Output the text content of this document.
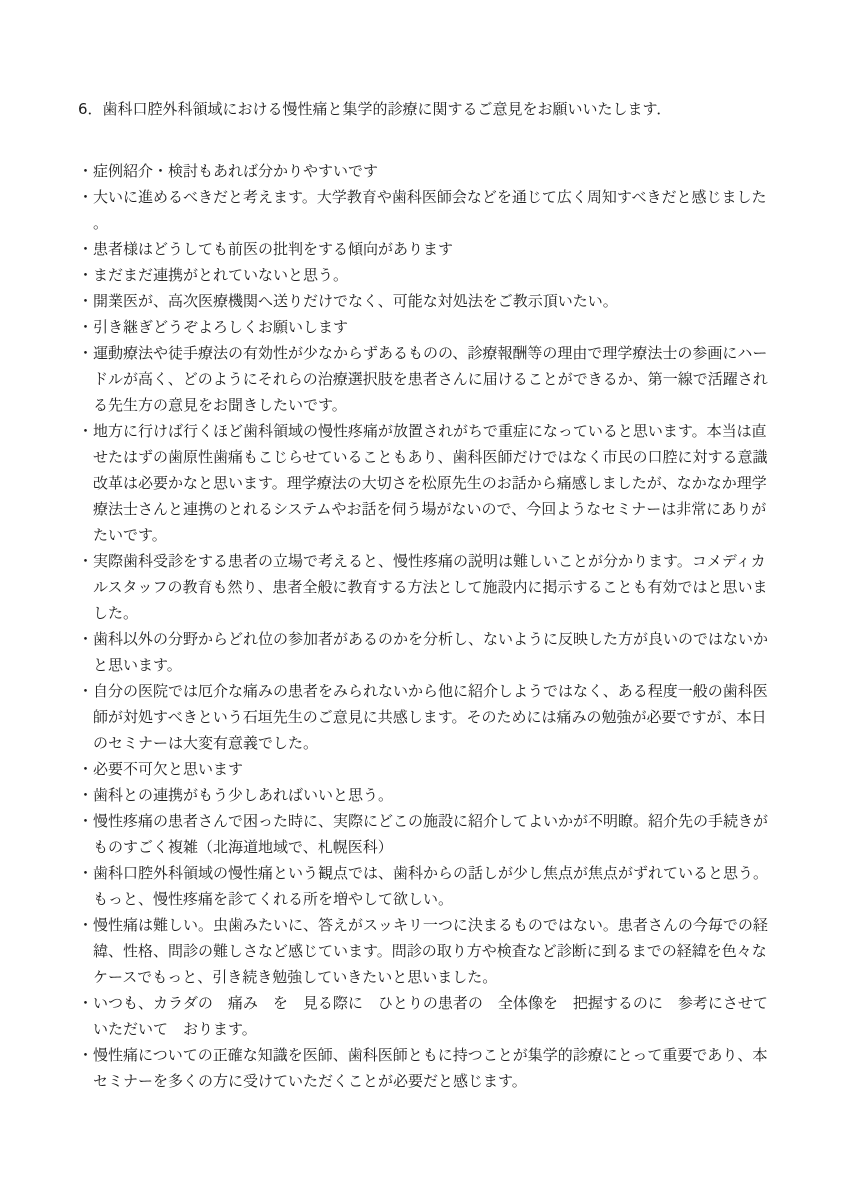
6．歯科口腔外科領域における慢性痛と集学的診療に関するご意見をお願いいたします．
・症例紹介・検討もあれば分かりやすいです
・大いに進めるべきだと考えます。大学教育や歯科医師会などを通じて広く周知すべきだと感じました。
・患者様はどうしても前医の批判をする傾向があります
・まだまだ連携がとれていないと思う。
・開業医が、高次医療機関へ送りだけでなく、可能な対処法をご教示頂いたい。
・引き継ぎどうぞよろしくお願いします
・運動療法や徒手療法の有効性が少なからずあるものの、診療報酬等の理由で理学療法士の参画にハードルが高く、どのようにそれらの治療選択肢を患者さんに届けることができるか、第一線で活躍される先生方の意見をお聞きしたいです。
・地方に行けば行くほど歯科領域の慢性疼痛が放置されがちで重症になっていると思います。本当は直せたはずの歯原性歯痛もこじらせていることもあり、歯科医師だけではなく市民の口腔に対する意識改革は必要かなと思います。理学療法の大切さを松原先生のお話から痛感しましたが、なかなか理学療法士さんと連携のとれるシステムやお話を伺う場がないので、今回ようなセミナーは非常にありがたいです。
・実際歯科受診をする患者の立場で考えると、慢性疼痛の説明は難しいことが分かります。コメディカルスタッフの教育も然り、患者全般に教育する方法として施設内に掲示することも有効ではと思いました。
・歯科以外の分野からどれ位の参加者があるのかを分析し、ないように反映した方が良いのではないかと思います。
・自分の医院では厄介な痛みの患者をみられないから他に紹介しようではなく、ある程度一般の歯科医師が対処すべきという石垣先生のご意見に共感します。そのためには痛みの勉強が必要ですが、本日のセミナーは大変有意義でした。
・必要不可欠と思います
・歯科との連携がもう少しあればいいと思う。
・慢性疼痛の患者さんで困った時に、実際にどこの施設に紹介してよいかが不明瞭。紹介先の手続きがものすごく複雑（北海道地域で、札幌医科）
・歯科口腔外科領域の慢性痛という観点では、歯科からの話しが少し焦点が焦点がずれていると思う。もっと、慢性疼痛を診てくれる所を増やして欲しい。
・慢性痛は難しい。虫歯みたいに、答えがスッキリ一つに決まるものではない。患者さんの今毎での経緯、性格、問診の難しさなど感じています。問診の取り方や検査など診断に到るまでの経緯を色々なケースでもっと、引き続き勉強していきたいと思いました。
・いつも、カラダの　痛み　を　見る際に　ひとりの患者の　全体像を　把握するのに　参考にさせていただいて　おります。
・慢性痛についての正確な知識を医師、歯科医師ともに持つことが集学的診療にとって重要であり、本セミナーを多くの方に受けていただくことが必要だと感じます。
